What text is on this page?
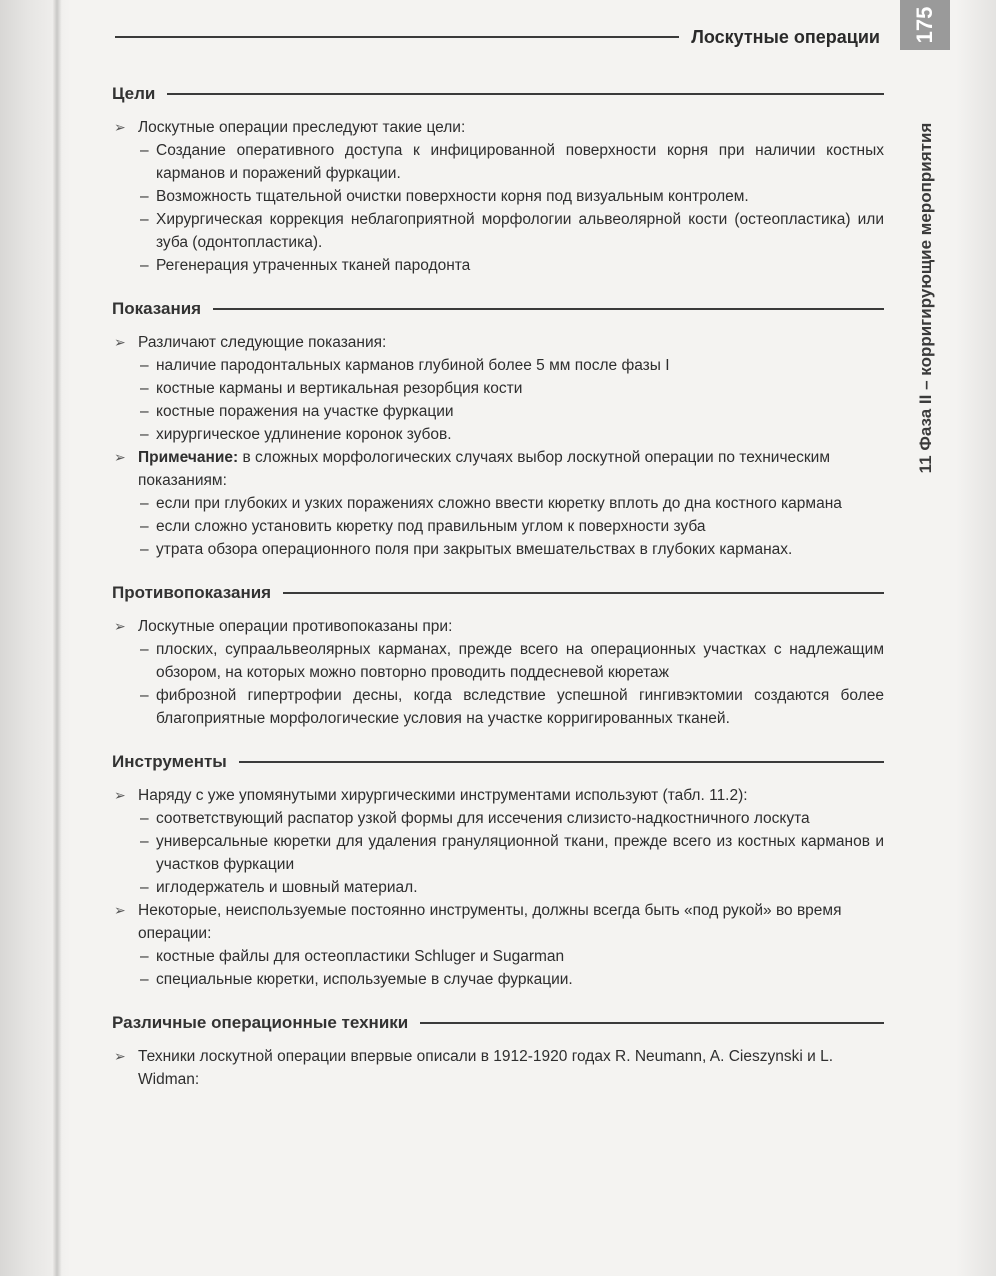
175
11 Фаза II – корригирующие мероприятия
Лоскутные операции
Цели
➢ Лоскутные операции преследуют такие цели:
– Создание оперативного доступа к инфицированной поверхности корня при наличии костных карманов и поражений фуркации.
– Возможность тщательной очистки поверхности корня под визуальным контролем.
– Хирургическая коррекция неблагоприятной морфологии альвеолярной кости (остеопластика) или зуба (одонтопластика).
– Регенерация утраченных тканей пародонта
Показания
➢ Различают следующие показания:
– наличие пародонтальных карманов глубиной более 5 мм после фазы I
– костные карманы и вертикальная резорбция кости
– костные поражения на участке фуркации
– хирургическое удлинение коронок зубов.
➢ Примечание: в сложных морфологических случаях выбор лоскутной операции по техническим показаниям:
– если при глубоких и узких поражениях сложно ввести кюретку вплоть до дна костного кармана
– если сложно установить кюретку под правильным углом к поверхности зуба
– утрата обзора операционного поля при закрытых вмешательствах в глубоких карманах.
Противопоказания
➢ Лоскутные операции противопоказаны при:
– плоских, супраальвеолярных карманах, прежде всего на операционных участках с надлежащим обзором, на которых можно повторно проводить поддесневой кюретаж
– фиброзной гипертрофии десны, когда вследствие успешной гингивэктомии создаются более благоприятные морфологические условия на участке корригированных тканей.
Инструменты
➢ Наряду с уже упомянутыми хирургическими инструментами используют (табл. 11.2):
– соответствующий распатор узкой формы для иссечения слизисто-надкостничного лоскута
– универсальные кюретки для удаления грануляционной ткани, прежде всего из костных карманов и участков фуркации
– иглодержатель и шовный материал.
➢ Некоторые, неиспользуемые постоянно инструменты, должны всегда быть «под рукой» во время операции:
– костные файлы для остеопластики Schluger и Sugarman
– специальные кюретки, используемые в случае фуркации.
Различные операционные техники
➢ Техники лоскутной операции впервые описали в 1912-1920 годах R. Neumann, A. Cieszynski и L. Widman:
